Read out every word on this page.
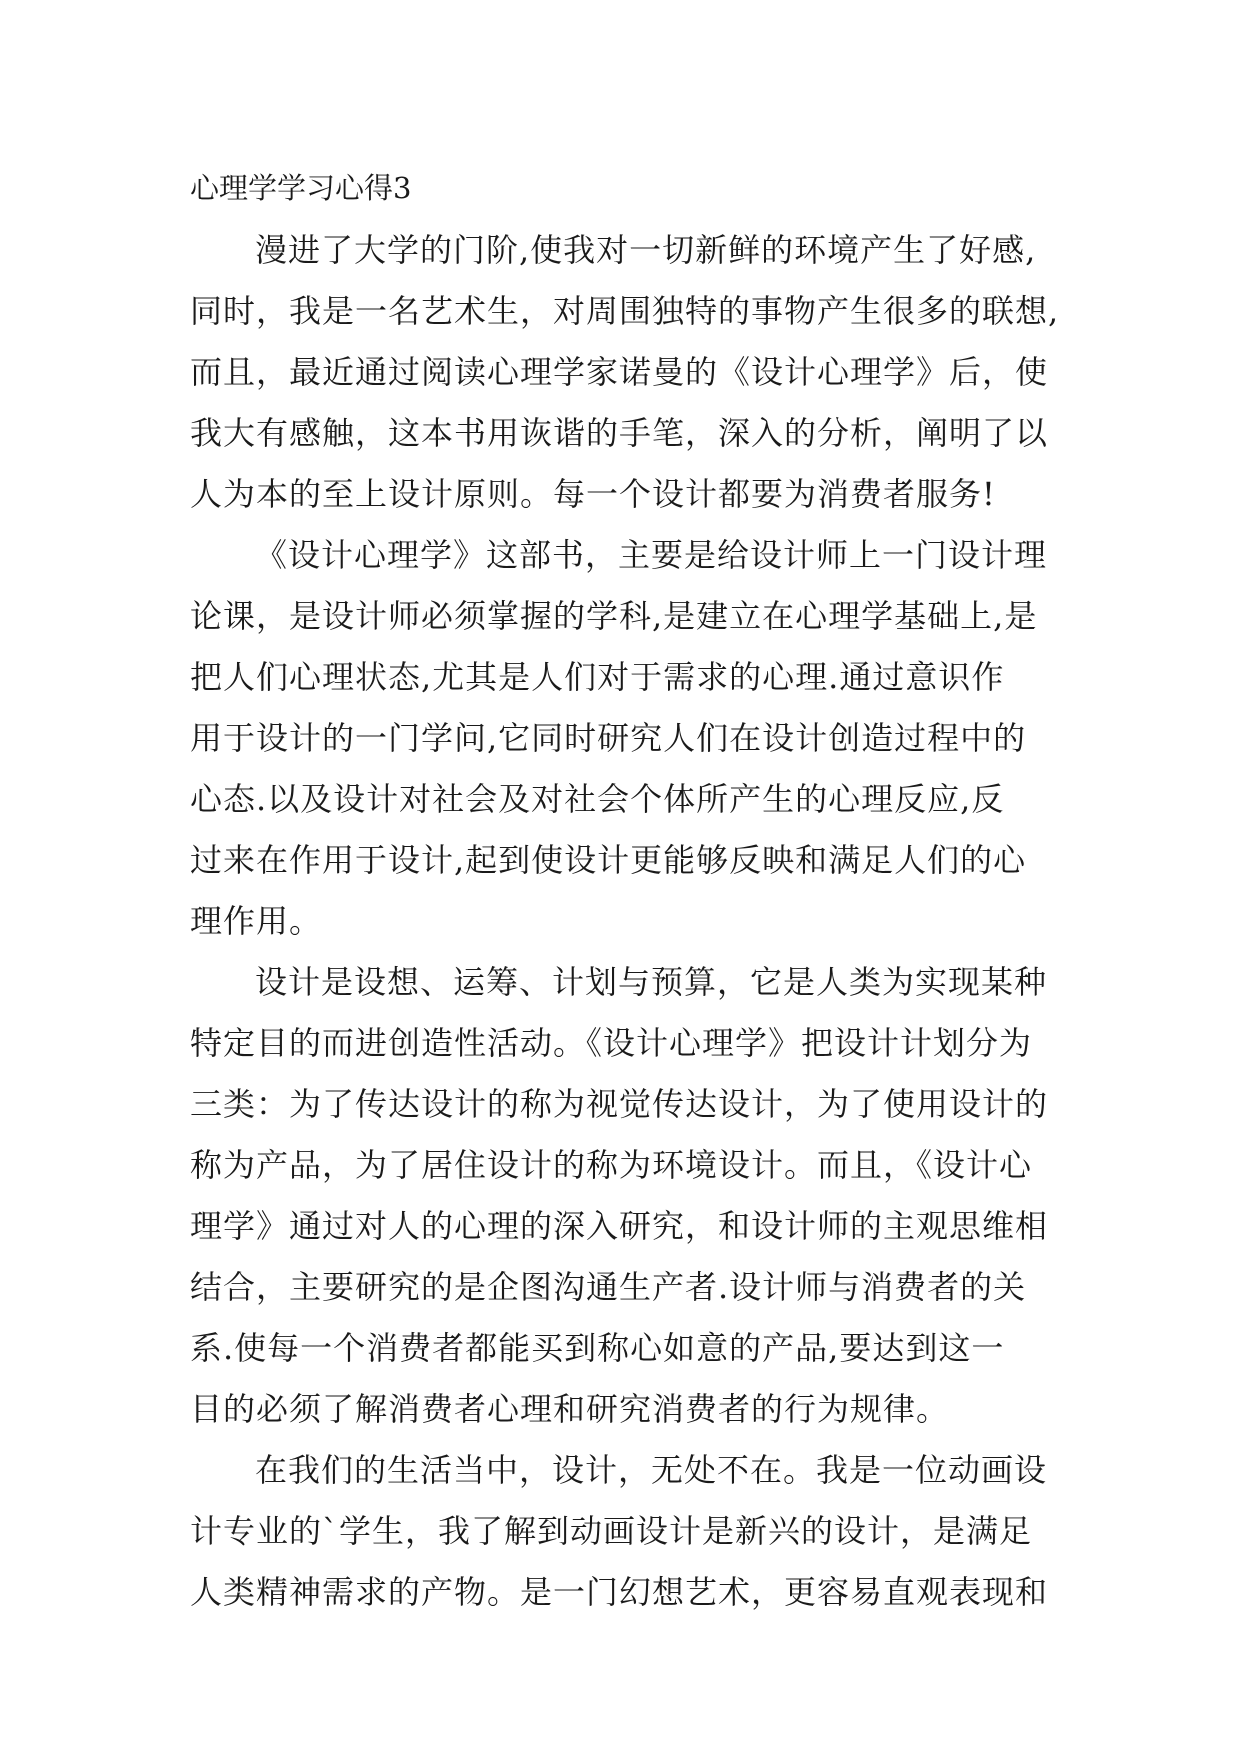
心理学学习心得3
漫进了大学的门阶,使我对一切新鲜的环境产生了好感,
同时，我是一名艺术生，对周围独特的事物产生很多的联想,
而且，最近通过阅读心理学家诺曼的《设计心理学》后，使
我大有感触，这本书用诙谐的手笔，深入的分析，阐明了以
人为本的至上设计原则。每一个设计都要为消费者服务!
《设计心理学》这部书，主要是给设计师上一门设计理
论课，是设计师必须掌握的学科,是建立在心理学基础上,是
把人们心理状态,尤其是人们对于需求的心理.通过意识作
用于设计的一门学问,它同时研究人们在设计创造过程中的
心态.以及设计对社会及对社会个体所产生的心理反应,反
过来在作用于设计,起到使设计更能够反映和满足人们的心
理作用。
设计是设想、运筹、计划与预算，它是人类为实现某种
特定目的而进创造性活动。《设计心理学》把设计计划分为
三类：为了传达设计的称为视觉传达设计，为了使用设计的
称为产品，为了居住设计的称为环境设计。而且，《设计心
理学》通过对人的心理的深入研究，和设计师的主观思维相
结合，主要研究的是企图沟通生产者.设计师与消费者的关
系.使每一个消费者都能买到称心如意的产品,要达到这一
目的必须了解消费者心理和研究消费者的行为规律。
在我们的生活当中，设计，无处不在。我是一位动画设
计专业的`学生，我了解到动画设计是新兴的设计，是满足
人类精神需求的产物。是一门幻想艺术，更容易直观表现和
